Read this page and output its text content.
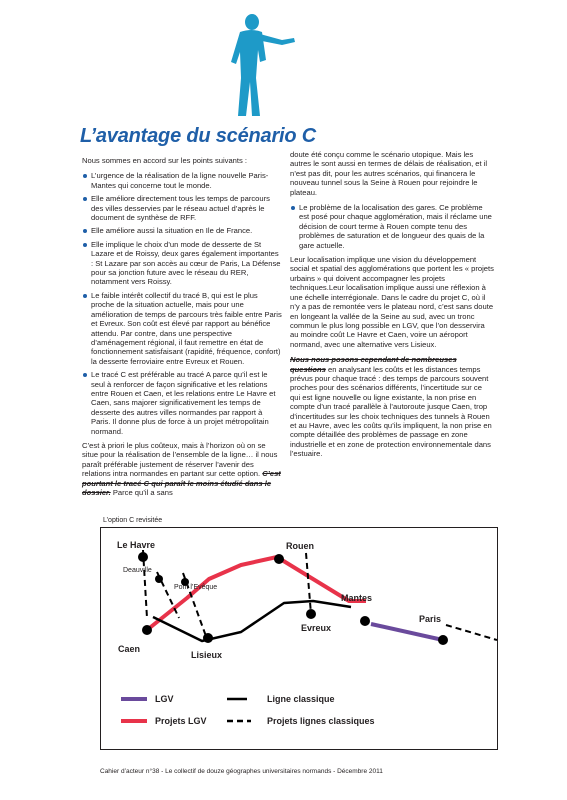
L’avantage du scénario C

Nous sommes en accord sur les points suivants :

L’urgence de la réalisation de la ligne nouvelle Paris-Mantes qui concerne tout le monde.
Elle améliore directement tous les temps de parcours des villes desservies par le réseau actuel d’après le document de synthèse de RFF.
Elle améliore aussi la situation en Ile de France.
Elle implique le choix d’un mode de desserte de St Lazare et de Roissy, deux gares également importantes : St Lazare par son accès au cœur de Paris, La Défense pour sa jonction future avec le réseau du RER, notamment vers Roissy.
Le faible intérêt collectif du tracé B, qui est le plus proche de la situation actuelle, mais pour une amélioration de temps de parcours très faible entre Paris et Evreux. Son coût est élevé par rapport au bénéfice attendu. Par contre, dans une perspective d’aménagement régional, il faut remettre en état de fonctionnement satisfaisant (rapidité, fréquence, confort) la desserte ferroviaire entre Evreux et Rouen.
Le tracé C est préférable au tracé A parce qu’il est le seul à renforcer de façon significative et les relations entre Rouen et Caen, et les relations entre Le Havre et Caen, sans majorer significativement les temps de desserte des autres villes normandes par rapport à Paris. Il donne plus de force à un projet métropolitain normand.

C’est à priori le plus coûteux, mais à l’horizon où on se situe pour la réalisation de l’ensemble de la ligne… il nous paraît préférable justement de réserver l’avenir des relations intra normandes en partant sur cette option. C’est pourtant le tracé C qui paraît le moins étudié dans le dossier. Parce qu’il a sans

doute été conçu comme le scénario utopique. Mais les autres le sont aussi en termes de délais de réalisation, et il n’est pas dit, pour les autres scénarios, qui financera le nouveau tunnel sous la Seine à Rouen pour rejoindre le plateau.

Le problème de la localisation des gares. Ce problème est posé pour chaque agglomération, mais il réclame une décision de court terme à Rouen compte tenu des problèmes de saturation et de longueur des quais de la gare actuelle.

Leur localisation implique une vision du développement social et spatial des agglomérations que portent les « projets urbains » qui doivent accompagner les projets techniques.Leur localisation implique aussi une réflexion à une échelle interrégionale. Dans le cadre du projet C, où il n’y a pas de remontée vers le plateau nord, c’est sans doute en longeant la vallée de la Seine au sud, avec un tronc commun le plus long possible en LGV, que l’on desservira au moindre coût Le Havre et Caen, voire un aéroport normand, avec une alternative vers Lisieux.

Nous nous posons cependant de nombreuses questions en analysant les coûts et les distances temps prévus pour chaque tracé : des temps de parcours souvent proches pour des scénarios différents, l’incertitude sur ce qui est ligne nouvelle ou ligne existante, la non prise en compte d’un tracé parallèle à l’autoroute jusque Caen, trop d’incertitudes sur les choix techniques des tunnels à Rouen et au Havre, avec les coûts qu’ils impliquent, la non prise en compte détaillée des problèmes de passage en zone industrielle et en zone de protection environnementale dans l’estuaire.

L’option C revisitée
Le Havre	Rouen
Mantes
Paris
Evreux
Caen
Lisieux
Deauville
Pont l’Evêque
LGV
Projets LGV
Ligne classique
Projets lignes classiques
Cahier d’acteur n°38 - Le collectif de douze géographes universitaires normands - Décembre 2011
